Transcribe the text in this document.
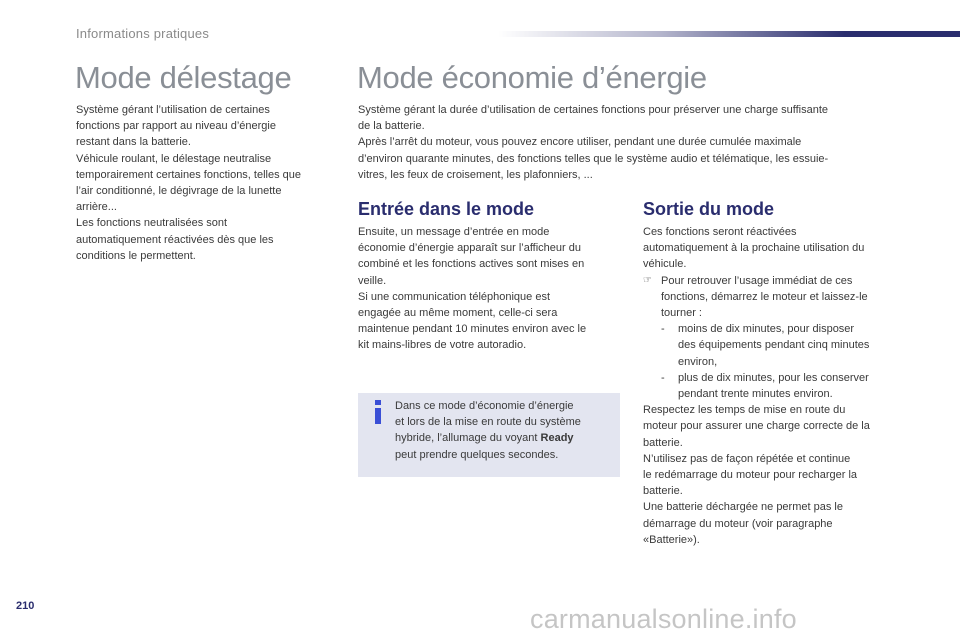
Informations pratiques
Mode délestage

Système gérant l’utilisation de certaines

fonctions par rapport au niveau d’énergie

restant dans la batterie.

Véhicule roulant, le délestage neutralise

temporairement certaines fonctions, telles que

l’air conditionné, le dégivrage de la lunette

arrière...

Les fonctions neutralisées sont

automatiquement réactivées dès que les

conditions le permettent.

Mode économie d’énergie

Système gérant la durée d’utilisation de certaines fonctions pour préserver une charge suffisante

de la batterie.

Après l’arrêt du moteur, vous pouvez encore utiliser, pendant une durée cumulée maximale

d’environ quarante minutes, des fonctions telles que le système audio et télématique, les essuie-

vitres, les feux de croisement, les plafonniers, ...

Entrée dans le mode

Ensuite, un message d’entrée en mode

économie d’énergie apparaît sur l’afficheur du

combiné et les fonctions actives sont mises en

veille.

Si une communication téléphonique est

engagée au même moment, celle-ci sera

maintenue pendant 10 minutes environ avec le

kit mains-libres de votre autoradio.

Dans ce mode d’économie d’énergie
et lors de la mise en route du système
hybride, l’allumage du voyant Ready
peut prendre quelques secondes.
Sortie du mode

Ces fonctions seront réactivées

automatiquement à la prochaine utilisation du

véhicule.

☞ Pour retrouver l’usage immédiat de ces

fonctions, démarrez le moteur et laissez-le

tourner :

- moins de dix minutes, pour disposer

des équipements pendant cinq minutes

environ,

- plus de dix minutes, pour les conserver

pendant trente minutes environ.

Respectez les temps de mise en route du

moteur pour assurer une charge correcte de la

batterie.

N’utilisez pas de façon répétée et continue

le redémarrage du moteur pour recharger la

batterie.

Une batterie déchargée ne permet pas le

démarrage du moteur (voir paragraphe

«Batterie»).

210	carmanualsonline.info
